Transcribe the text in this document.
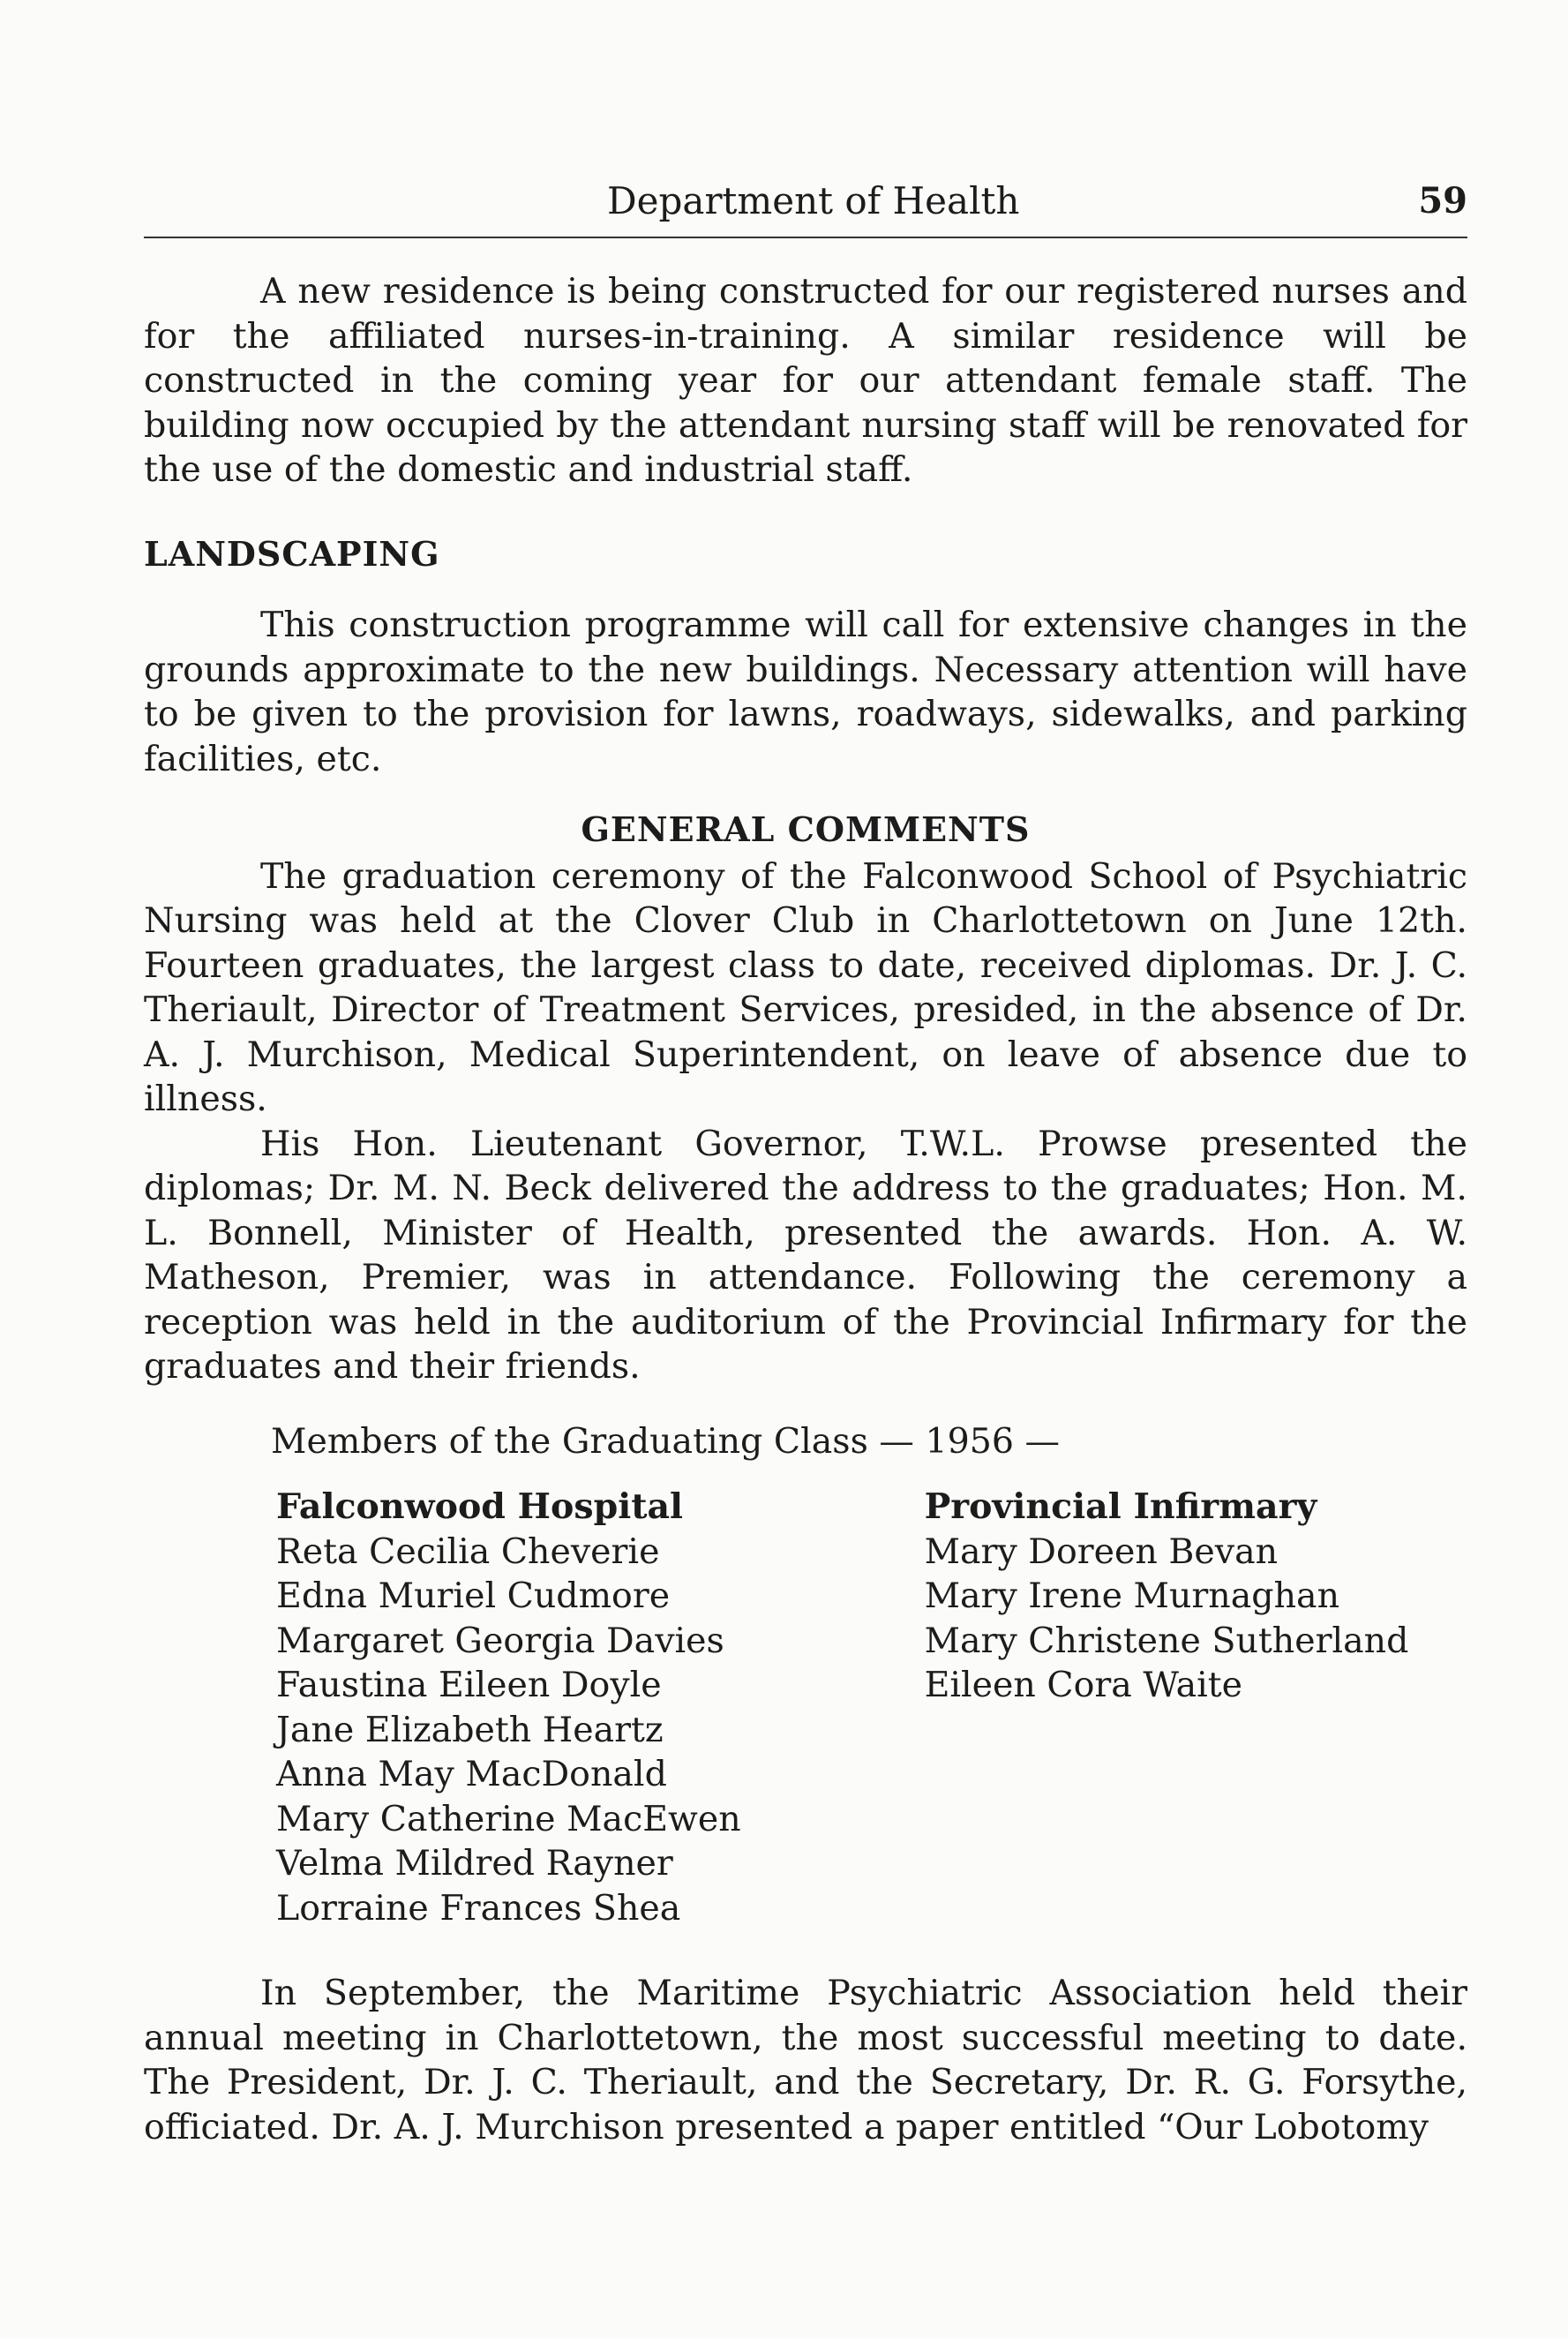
Department of Health	59

A new residence is being constructed for our registered nurses and for the affiliated nurses-in-training. A similar residence will be constructed in the coming year for our attendant female staff. The building now occupied by the attendant nursing staff will be renovated for the use of the domestic and industrial staff.

LANDSCAPING

This construction programme will call for extensive changes in the grounds approximate to the new buildings. Necessary attention will have to be given to the provision for lawns, roadways, sidewalks, and parking facilities, etc.

GENERAL COMMENTS

The graduation ceremony of the Falconwood School of Psychiatric Nursing was held at the Clover Club in Charlottetown on June 12th. Fourteen graduates, the largest class to date, received diplomas. Dr. J. C. Theriault, Director of Treatment Services, presided, in the absence of Dr. A. J. Murchison, Medical Superintendent, on leave of absence due to illness.

His Hon. Lieutenant Governor, T.W.L. Prowse presented the diplomas; Dr. M. N. Beck delivered the address to the graduates; Hon. M. L. Bonnell, Minister of Health, presented the awards. Hon. A. W. Matheson, Premier, was in attendance. Following the ceremony a reception was held in the auditorium of the Provincial Infirmary for the graduates and their friends.

Members of the Graduating Class — 1956 —
Falconwood Hospital
Reta Cecilia Cheverie
Edna Muriel Cudmore
Margaret Georgia Davies
Faustina Eileen Doyle
Jane Elizabeth Heartz
Anna May MacDonald
Mary Catherine MacEwen
Velma Mildred Rayner
Lorraine Frances Shea
Provincial Infirmary
Mary Doreen Bevan
Mary Irene Murnaghan
Mary Christene Sutherland
Eileen Cora Waite

In September, the Maritime Psychiatric Association held their annual meeting in Charlottetown, the most successful meeting to date. The President, Dr. J. C. Theriault, and the Secretary, Dr. R. G. Forsythe, officiated. Dr. A. J. Murchison presented a paper entitled “Our Lobotomy
